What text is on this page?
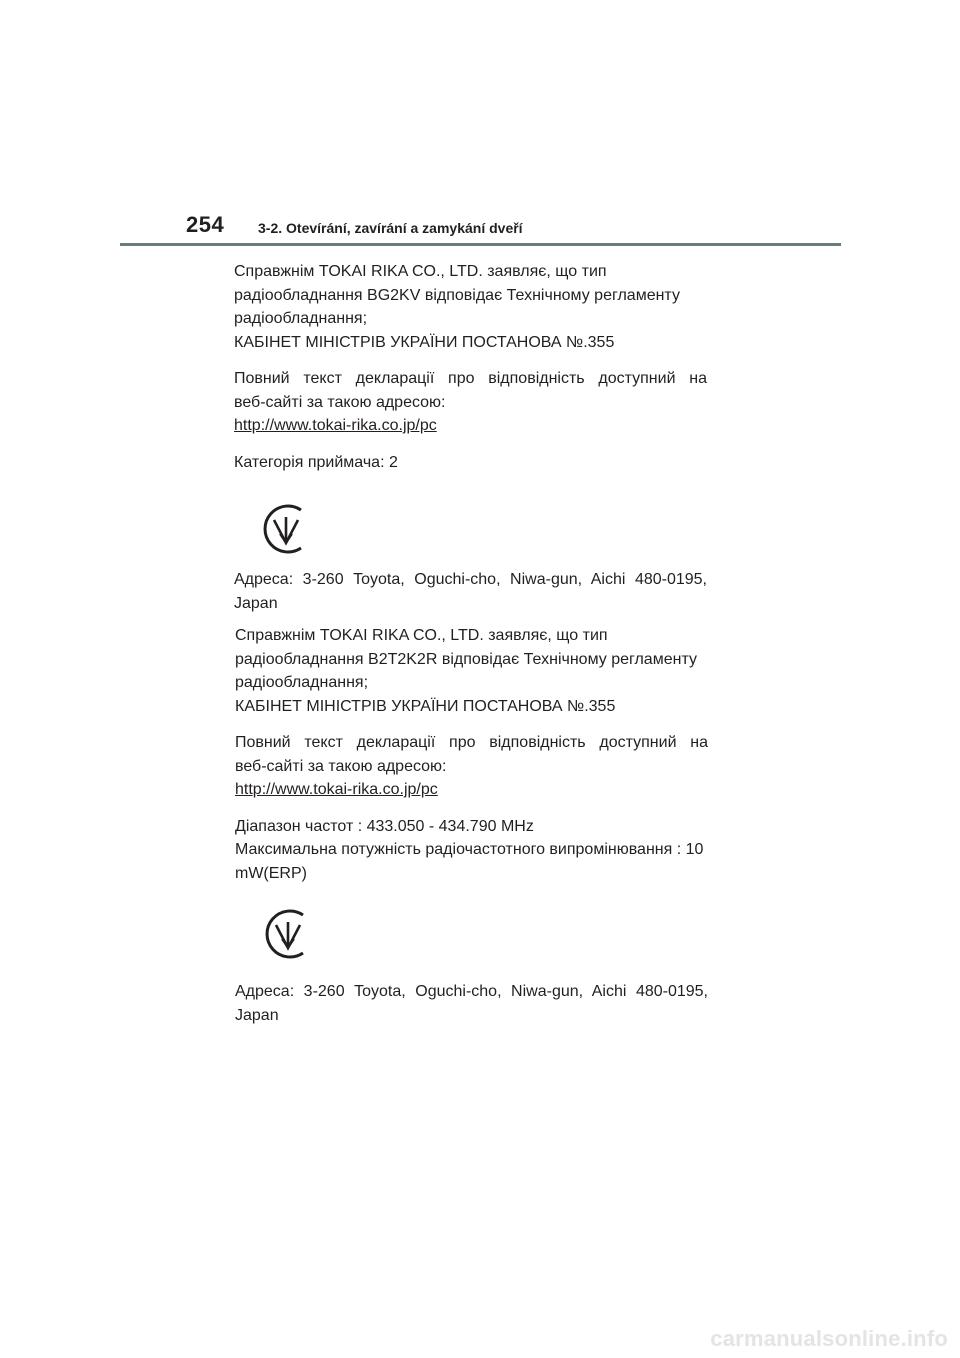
254 3-2. Otevírání, zavírání a zamykání dveří
Справжнім TOKAI RIKA CO., LTD. заявляє, що тип
радіообладнання BG2KV відповідає Технічному регламенту
радіообладнання;
КАБІНЕТ МІНІСТРІВ УКРАЇНИ ПОСТАНОВА №.355
Повний текст декларації про відповідність доступний на
веб-сайті за такою адресою:
http://www.tokai-rika.co.jp/pc
Категорія приймача: 2
Адреса: 3-260 Toyota, Oguchi-cho, Niwa-gun, Aichi 480-0195,
Japan
Справжнім TOKAI RIKA CO., LTD. заявляє, що тип
радіообладнання B2T2K2R відповідає Технічному регламенту
радіообладнання;
КАБІНЕТ МІНІСТРІВ УКРАЇНИ ПОСТАНОВА №.355
Повний текст декларації про відповідність доступний на
веб-сайті за такою адресою:
http://www.tokai-rika.co.jp/pc
Діапазон частот : 433.050 - 434.790 MHz
Максимальна потужність радіочастотного випромінювання : 10
mW(ERP)
Адреса: 3-260 Toyota, Oguchi-cho, Niwa-gun, Aichi 480-0195,
Japan
carmanualsonline.info
